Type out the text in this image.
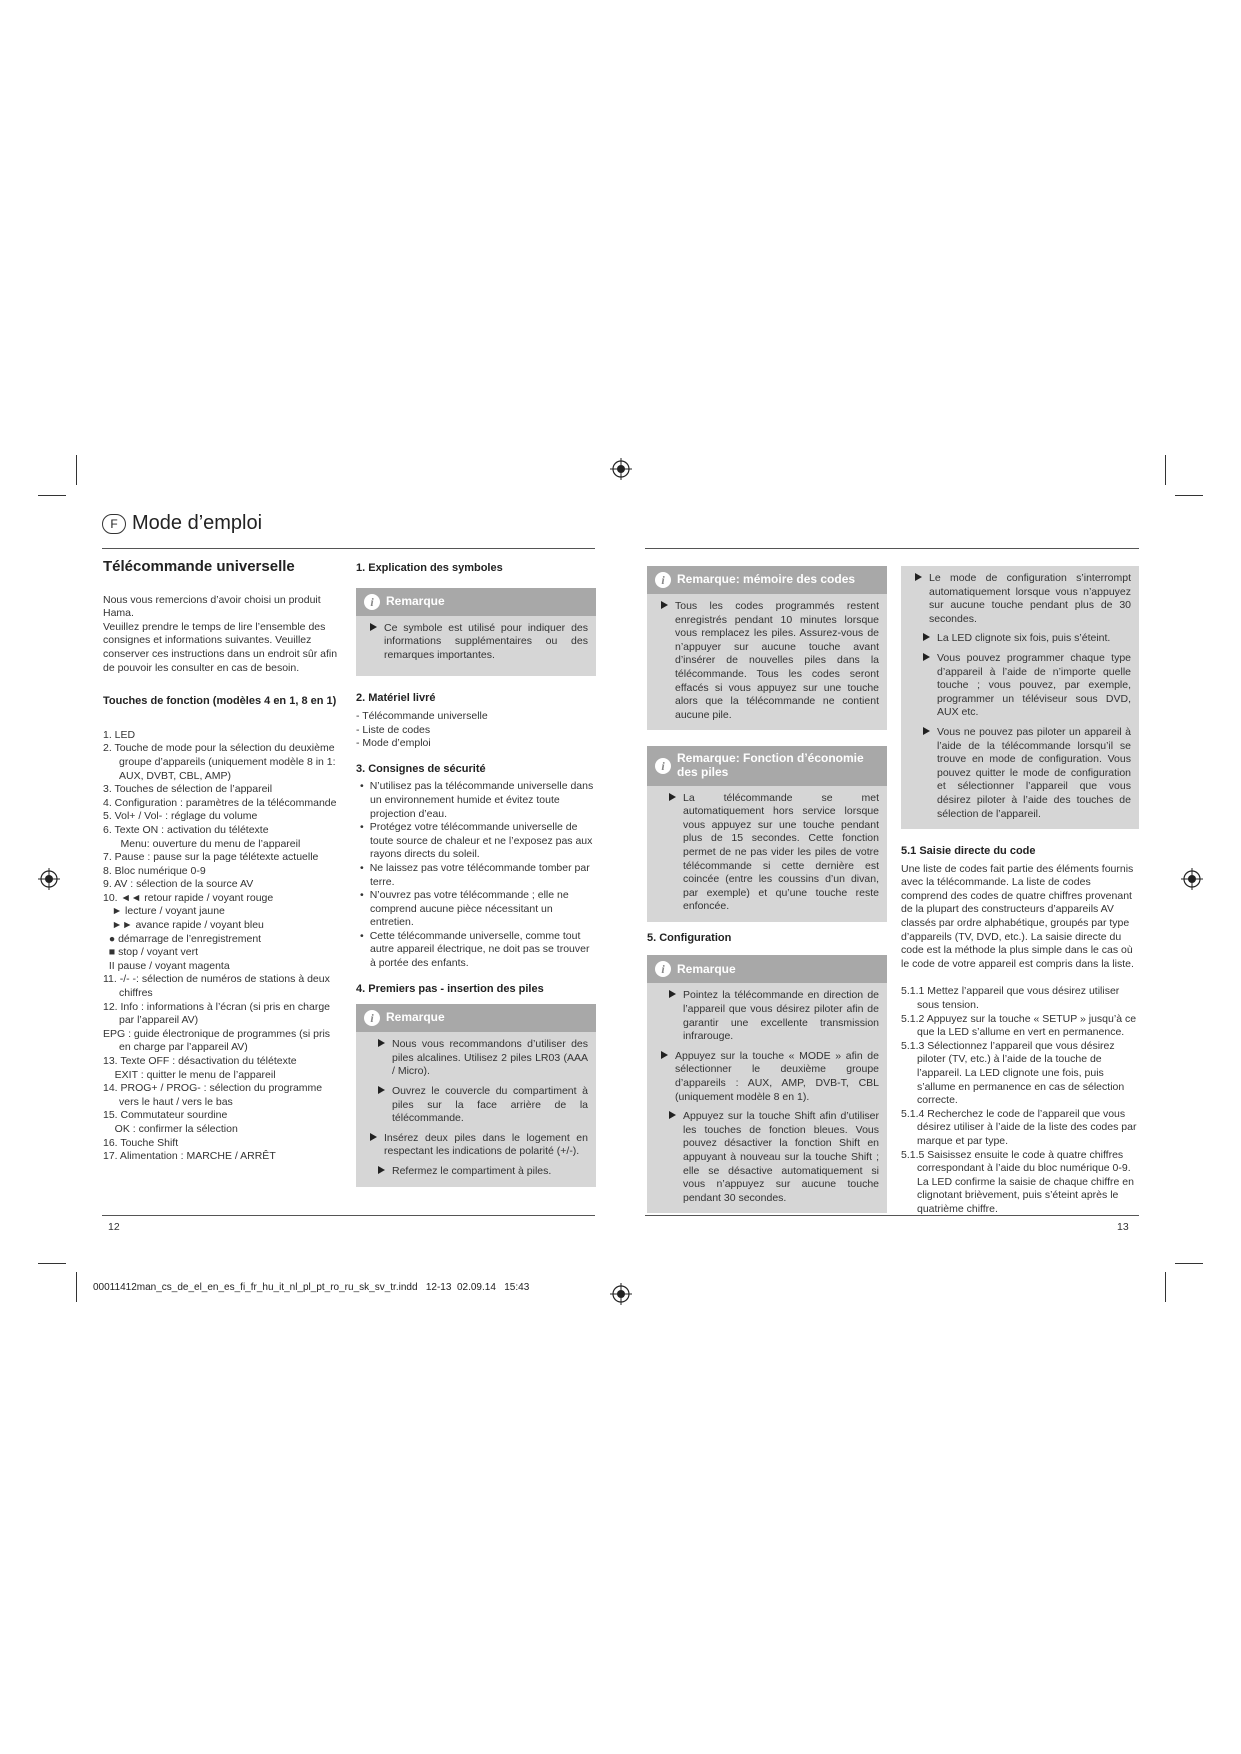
F Mode d’emploi
Télécommande universelle

Nous vous remercions d’avoir choisi un produit Hama.

Veuillez prendre le temps de lire l’ensemble des consignes et informations suivantes. Veuillez conserver ces instructions dans un endroit sûr afin de pouvoir les consulter en cas de besoin.

Touches de fonction (modèles 4 en 1, 8 en 1)
1. LED
2. Touche de mode pour la sélection du deuxième groupe d’appareils (uniquement modèle 8 in 1: AUX, DVBT, CBL, AMP)
3. Touches de sélection de l’appareil
4. Configuration : paramètres de la télécommande
5. Vol+ / Vol- : réglage du volume
6. Texte ON : activation du télétexte
Menu: ouverture du menu de l’appareil
7. Pause : pause sur la page télétexte actuelle
8. Bloc numérique 0-9
9. AV : sélection de la source AV
10. ◄◄ retour rapide / voyant rouge
► lecture / voyant jaune
►► avance rapide / voyant bleu
● démarrage de l’enregistrement
■ stop / voyant vert
II pause / voyant magenta
11. -/- -: sélection de numéros de stations à deux chiffres
12. Info : informations à l’écran (si pris en charge par l’appareil AV)
EPG : guide électronique de programmes (si pris en charge par l’appareil AV)
13. Texte OFF : désactivation du télétexte
EXIT : quitter le menu de l’appareil
14. PROG+ / PROG- : sélection du programme vers le haut / vers le bas
15. Commutateur sourdine
OK : confirmer la sélection
16. Touche Shift
17. Alimentation : MARCHE / ARRÊT
1. Explication des symboles
i	Remarque
Ce symbole est utilisé pour indiquer des informations supplémentaires ou des remarques importantes.
2. Matériel livré
- Télécommande universelle
- Liste de codes
- Mode d’emploi
3. Consignes de sécurité
• N’utilisez pas la télécommande universelle dans un environnement humide et évitez toute projection d’eau.
• Protégez votre télécommande universelle de toute source de chaleur et ne l’exposez pas aux rayons directs du soleil.
• Ne laissez pas votre télécommande tomber par terre.
• N’ouvrez pas votre télécommande ; elle ne comprend aucune pièce nécessitant un entretien.
• Cette télécommande universelle, comme tout autre appareil électrique, ne doit pas se trouver à portée des enfants.
4. Premiers pas - insertion des piles
i	Remarque
Nous vous recommandons d’utiliser des piles alcalines. Utilisez 2 piles LR03 (AAA / Micro).
Ouvrez le couvercle du compartiment à piles sur la face arrière de la télécommande.
Insérez deux piles dans le logement en respectant les indications de polarité (+/-).
Refermez le compartiment à piles.
i	Remarque: mémoire des codes
Tous les codes programmés restent enregistrés pendant 10 minutes lorsque vous remplacez les piles. Assurez-vous de n’appuyer sur aucune touche avant d’insérer de nouvelles piles dans la télécommande. Tous les codes seront effacés si vous appuyez sur une touche alors que la télécommande ne contient aucune pile.
i
Remarque: Fonction d’économie des piles
La télécommande se met automatiquement hors service lorsque vous appuyez sur une touche pendant plus de 15 secondes. Cette fonction permet de ne pas vider les piles de votre télécommande si cette dernière est coincée (entre les coussins d’un divan, par exemple) et qu’une touche reste enfoncée.
5. Configuration
i	Remarque
Pointez la télécommande en direction de l’appareil que vous désirez piloter afin de garantir une excellente transmission infrarouge.
Appuyez sur la touche « MODE » afin de sélectionner le deuxième groupe d’appareils : AUX, AMP, DVB-T, CBL (uniquement modèle 8 en 1).
Appuyez sur la touche Shift afin d’utiliser les touches de fonction bleues. Vous pouvez désactiver la fonction Shift en appuyant à nouveau sur la touche Shift ; elle se désactive automatiquement si vous n’appuyez sur aucune touche pendant 30 secondes.
Le mode de configuration s’interrompt automatiquement lorsque vous n’appuyez sur aucune touche pendant plus de 30 secondes.
La LED clignote six fois, puis s’éteint.
Vous pouvez programmer chaque type d’appareil à l’aide de n’importe quelle touche ; vous pouvez, par exemple, programmer un téléviseur sous DVD, AUX etc.
Vous ne pouvez pas piloter un appareil à l’aide de la télécommande lorsqu’il se trouve en mode de configuration. Vous pouvez quitter le mode de configuration et sélectionner l’appareil que vous désirez piloter à l’aide des touches de sélection de l’appareil.
5.1 Saisie directe du code

Une liste de codes fait partie des éléments fournis avec la télécommande. La liste de codes comprend des codes de quatre chiffres provenant de la plupart des constructeurs d’appareils AV classés par ordre alphabétique, groupés par type d’appareils (TV, DVD, etc.). La saisie directe du code est la méthode la plus simple dans le cas où le code de votre appareil est compris dans la liste.

5.1.1 Mettez l’appareil que vous désirez utiliser sous tension.
5.1.2 Appuyez sur la touche « SETUP » jusqu’à ce que la LED s’allume en vert en permanence.
5.1.3 Sélectionnez l’appareil que vous désirez piloter (TV, etc.) à l’aide de la touche de l’appareil. La LED clignote une fois, puis s’allume en permanence en cas de sélection correcte.
5.1.4 Recherchez le code de l’appareil que vous désirez utiliser à l’aide de la liste des codes par marque et par type.
5.1.5 Saisissez ensuite le code à quatre chiffres correspondant à l’aide du bloc numérique 0-9. La LED confirme la saisie de chaque chiffre en clignotant brièvement, puis s’éteint après le quatrième chiffre.
12	13
00011412man_cs_de_el_en_es_fi_fr_hu_it_nl_pl_pt_ro_ru_sk_sv_tr.indd   12-13  02.09.14   15:43
